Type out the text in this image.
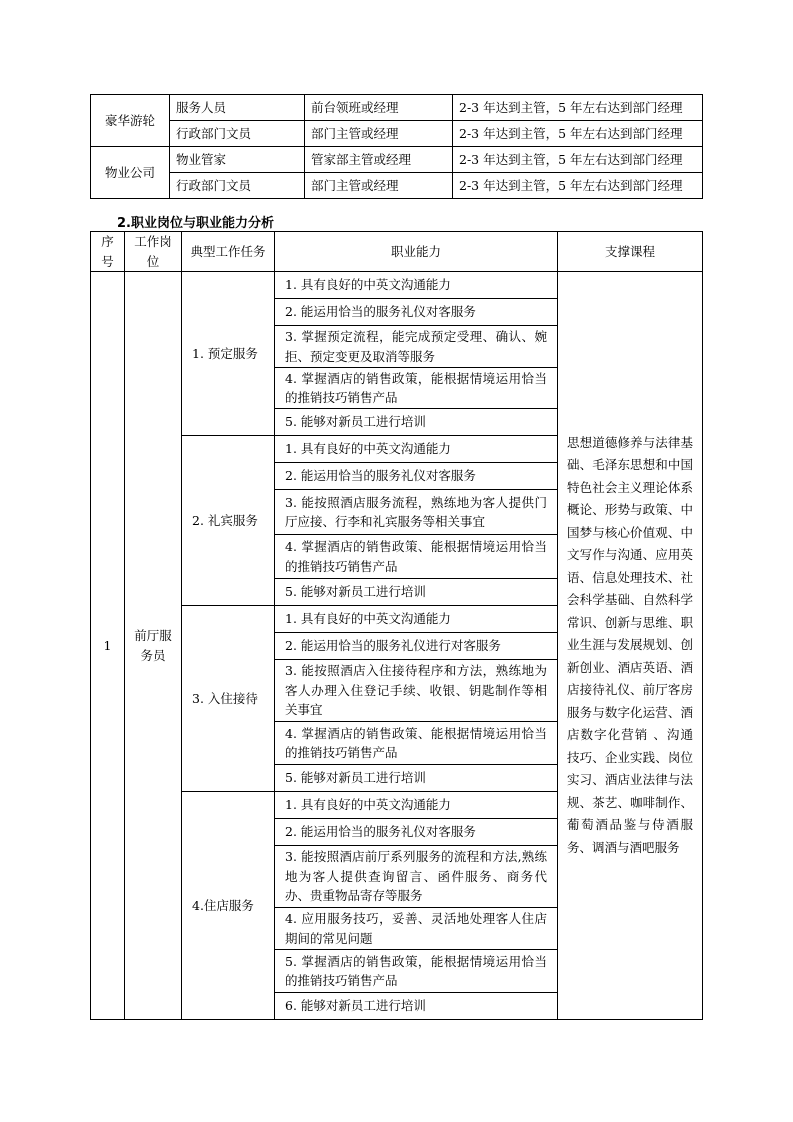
豪华游轮	服务人员	前台领班或经理	2-3 年达到主管，5 年左右达到部门经理
	行政部门文员	部门主管或经理	2-3 年达到主管，5 年左右达到部门经理
物业公司	物业管家	管家部主管或经理	2-3 年达到主管，5 年左右达到部门经理
	行政部门文员	部门主管或经理	2-3 年达到主管，5 年左右达到部门经理
2.职业岗位与职业能力分析
序号	工作岗位	典型工作任务	职业能力	支撑课程
1	前厅服务员	1. 预定服务	1. 具有良好的中英文沟通能力	思想道德修养与法律基础、毛泽东思想和中国特色社会主义理论体系概论、形势与政策、中国梦与核心价值观、中文写作与沟通、应用英语、信息处理技术、社会科学基础、自然科学常识、创新与思维、职业生涯与发展规划、创新创业、酒店英语、酒店接待礼仪、前厅客房服务与数字化运营、酒店数字化营销 、沟通技巧、企业实践、岗位实习、酒店业法律与法规、茶艺、咖啡制作、葡萄酒品鉴与侍酒服务、调酒与酒吧服务
			2. 能运用恰当的服务礼仪对客服务	
			3. 掌握预定流程，能完成预定受理、确认、婉拒、预定变更及取消等服务	
			4. 掌握酒店的销售政策，能根据情境运用恰当的推销技巧销售产品	
			5. 能够对新员工进行培训	
		2. 礼宾服务	1. 具有良好的中英文沟通能力	
			2. 能运用恰当的服务礼仪对客服务	
			3. 能按照酒店服务流程，熟练地为客人提供门厅应接、行李和礼宾服务等相关事宜	
			4. 掌握酒店的销售政策、能根据情境运用恰当的推销技巧销售产品	
			5. 能够对新员工进行培训	
		3. 入住接待	1. 具有良好的中英文沟通能力	
			2. 能运用恰当的服务礼仪进行对客服务	
			3. 能按照酒店入住接待程序和方法，熟练地为客人办理入住登记手续、收银、钥匙制作等相关事宜	
			4. 掌握酒店的销售政策、能根据情境运用恰当的推销技巧销售产品	
			5. 能够对新员工进行培训	
		4.住店服务	1. 具有良好的中英文沟通能力	
			2. 能运用恰当的服务礼仪对客服务	
			3. 能按照酒店前厅系列服务的流程和方法,熟练地为客人提供查询留言、函件服务、商务代办、贵重物品寄存等服务	
			4. 应用服务技巧，妥善、灵活地处理客人住店期间的常见问题	
			5. 掌握酒店的销售政策，能根据情境运用恰当的推销技巧销售产品	
			6. 能够对新员工进行培训	
